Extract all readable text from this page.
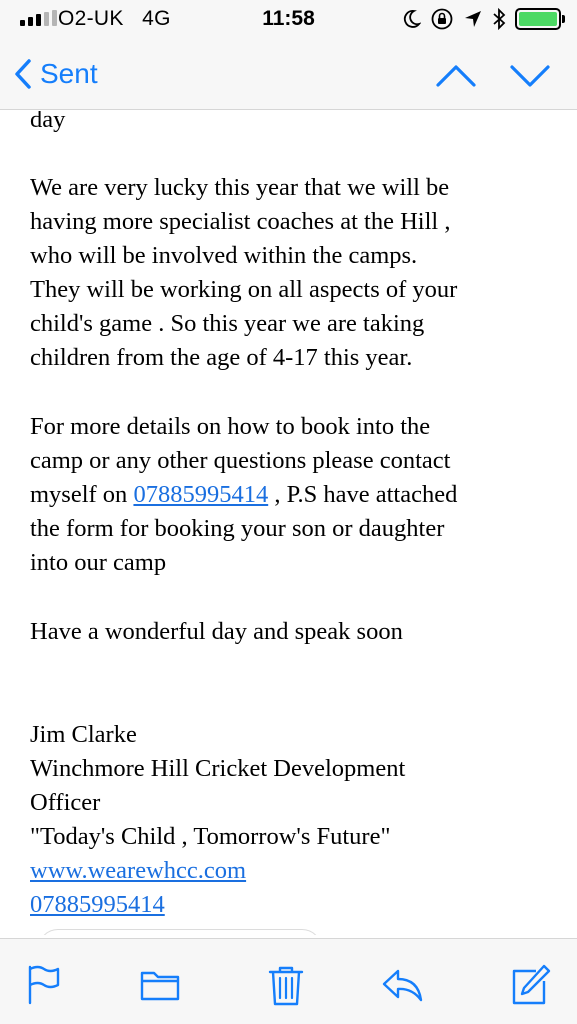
O2-UK 4G	11:58
Sent
day
We are very lucky this year that we will be
having more specialist coaches at the Hill ,
who will be involved within the camps.
They will be working on all aspects of your
child's game . So this year we are taking
children from the age of 4-17 this year.
For more details on how to book into the
camp or any other questions please contact
myself on 07885995414 , P.S have attached
the form for booking your son or daughter
into our camp
Have a wonderful day and speak soon
Jim Clarke
Winchmore Hill Cricket Development
Officer
"Today's Child , Tomorrow's Future"
www.wearewhcc.com
07885995414
